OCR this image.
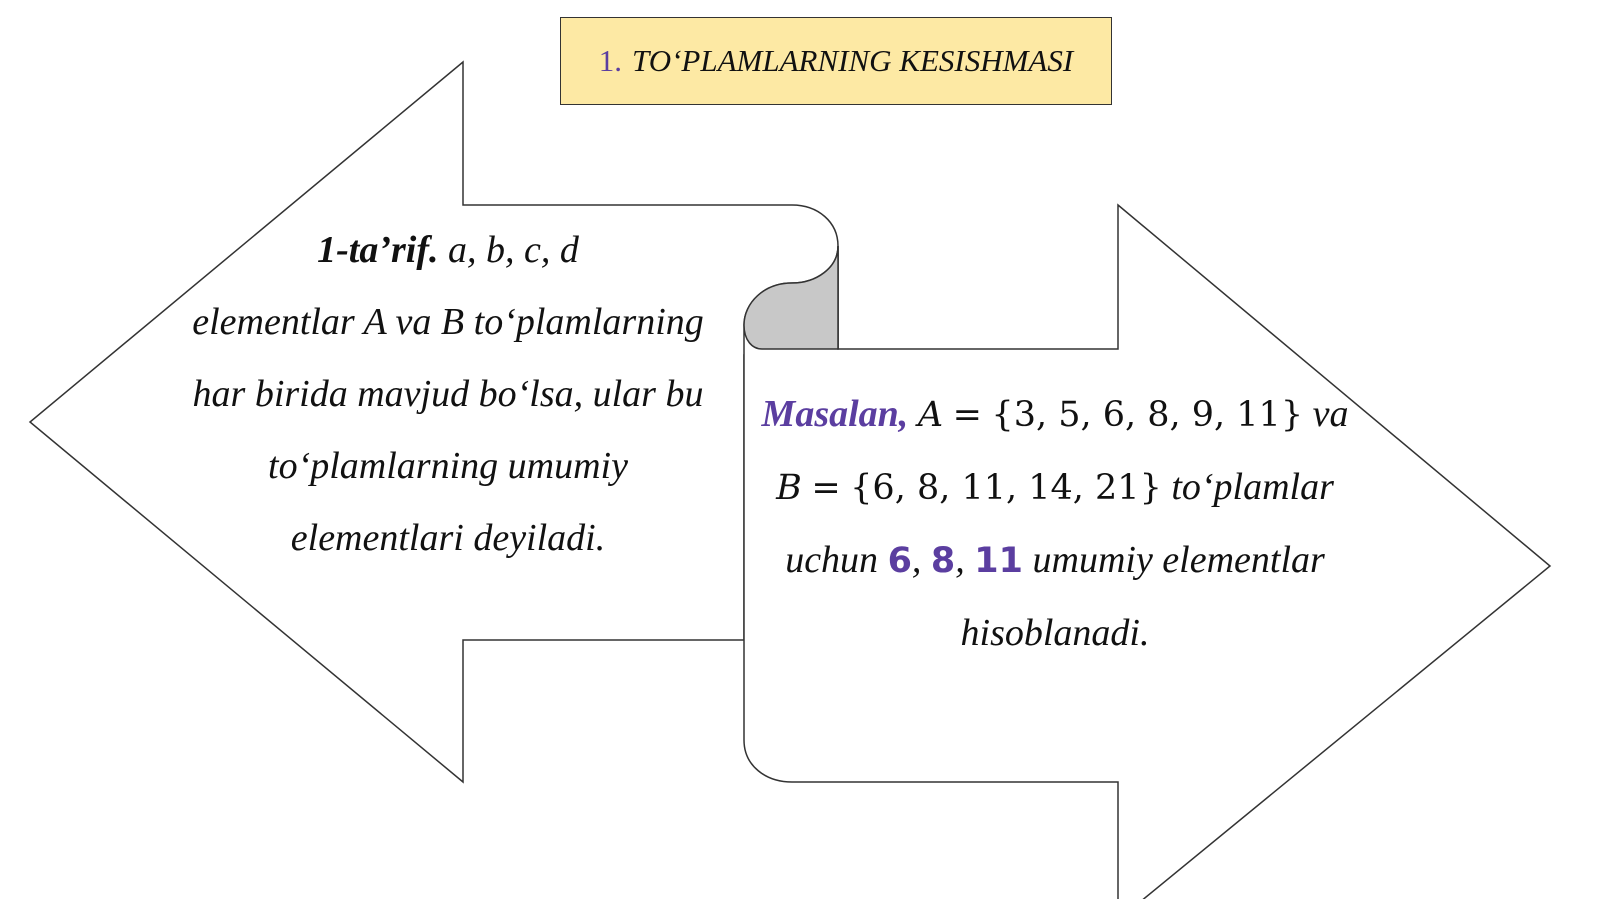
1. TO‘PLAMLARNING KESISHMASI
1-ta’rif. a, b, c, d
elementlar A va B to‘plamlarning
har birida mavjud bo‘lsa, ular bu
to‘plamlarning umumiy
elementlari deyiladi.
Masalan, A = {3, 5, 6, 8, 9, 11} va
B = {6, 8, 11, 14, 21} to‘plamlar
uchun 6, 8, 11 umumiy elementlar
hisoblanadi.
